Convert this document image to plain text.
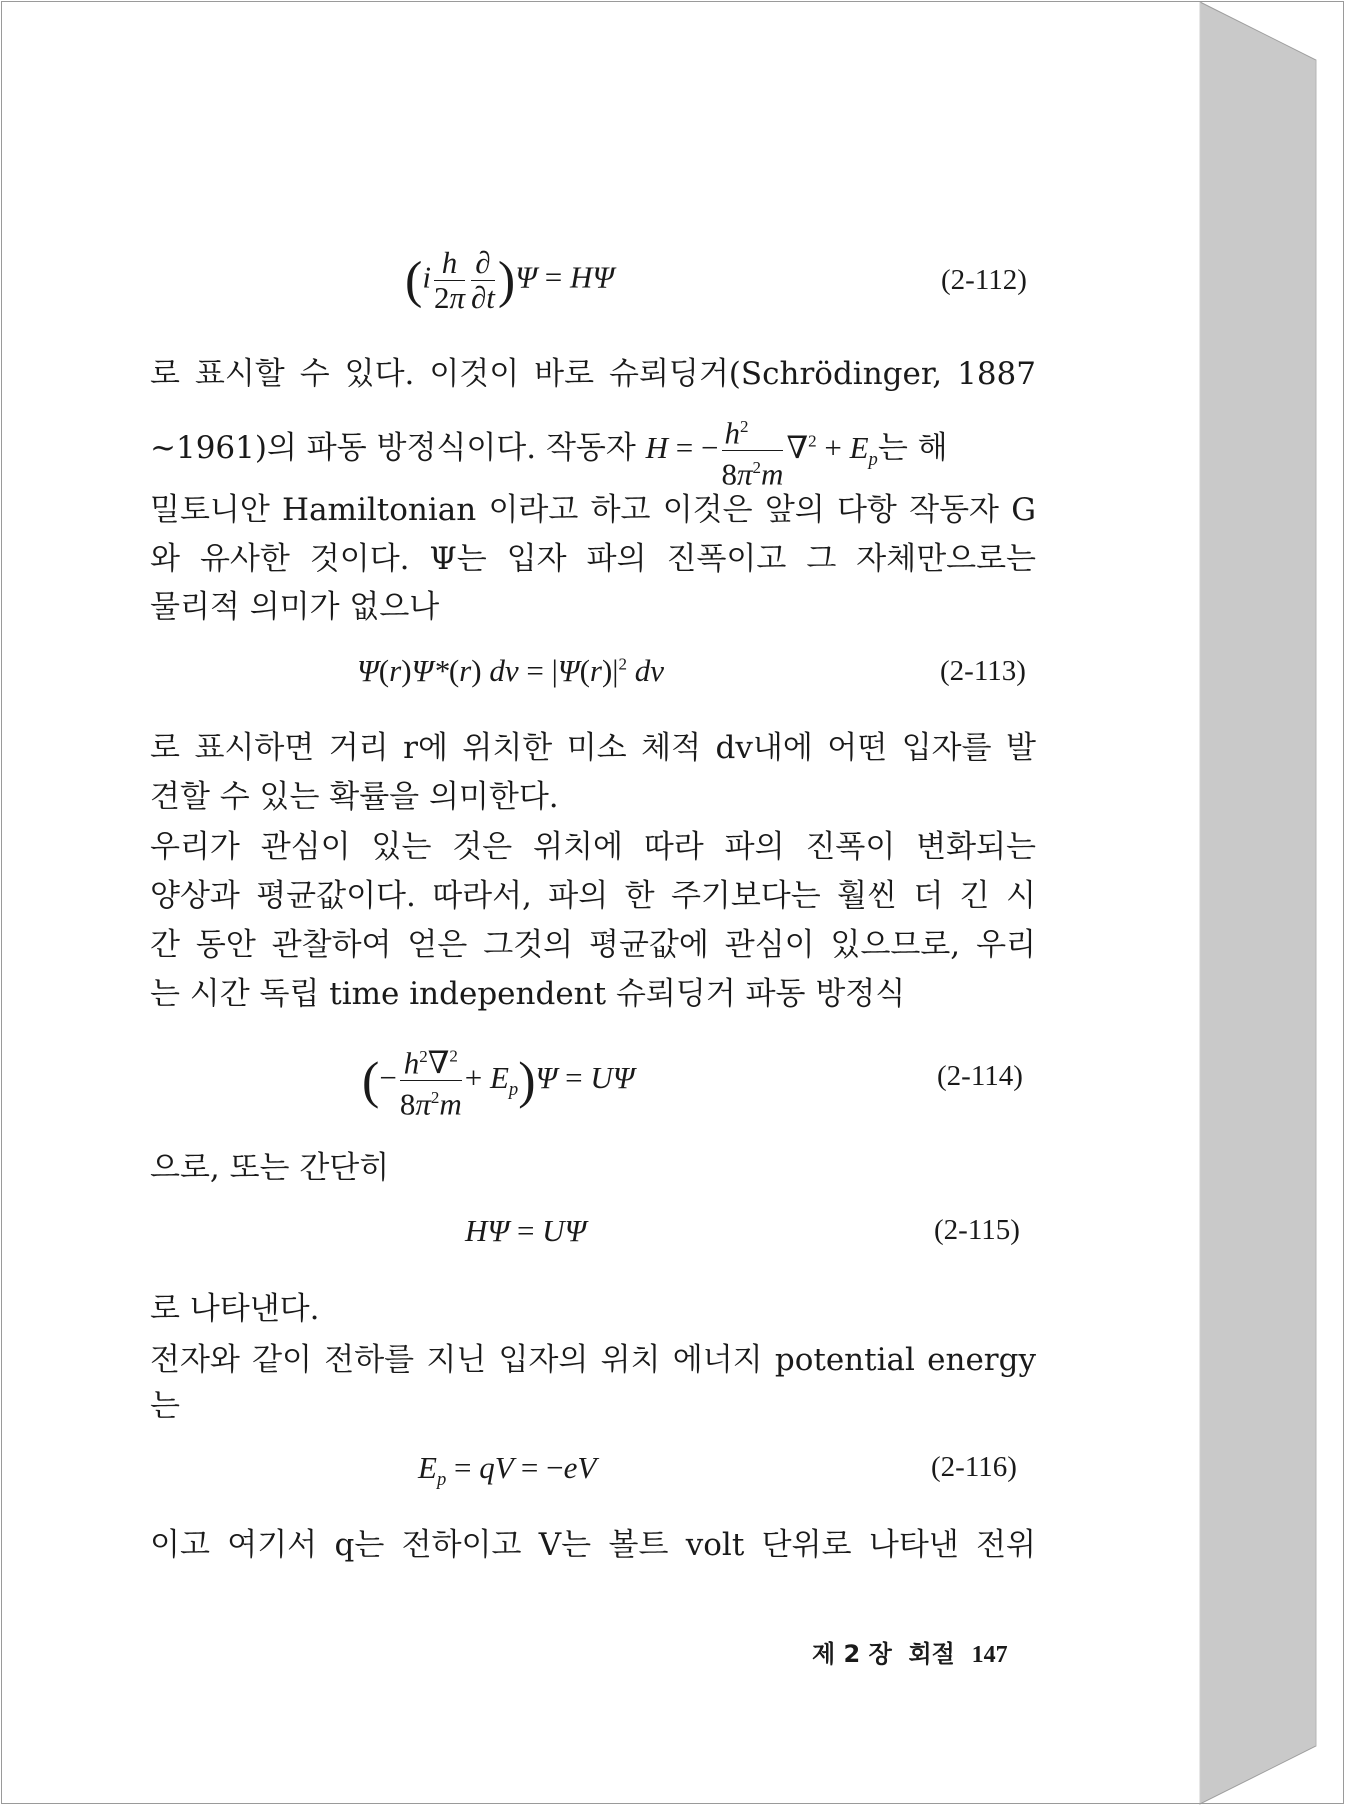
$(i \frac{h}{2\pi} \frac{\partial}{\partial t} )\Psi = H\Psi$	(2-112)
로 표시할 수 있다. 이것이 바로 슈뢰딩거(Schrödinger, 1887
~1961)의 파동 방정식이다. 작동자 H = − $\frac{h^2}{8\pi^2m} \nabla^2 + E_p$는 해
밀토니안 Hamiltonian 이라고 하고 이것은 앞의 다항 작동자 G
와 유사한 것이다. Ψ는 입자 파의 진폭이고 그 자체만으로는
물리적 의미가 없으나
Ψ(r)Ψ*(r) dv = $|\Psi(r)|^2$ dv	(2-113)
로 표시하면 거리 r에 위치한 미소 체적 dv내에 어떤 입자를 발
견할 수 있는 확률을 의미한다.
우리가 관심이 있는 것은 위치에 따라 파의 진폭이 변화되는
양상과 평균값이다. 따라서, 파의 한 주기보다는 훨씬 더 긴 시
간 동안 관찰하여 얻은 그것의 평균값에 관심이 있으므로, 우리
는 시간 독립 time independent 슈뢰딩거 파동 방정식
(− $\frac{h^2\nabla^2}{8\pi^2m} + E_p)\Psi = U\Psi$	(2-114)
으로, 또는 간단히
HΨ = UΨ	(2-115)
로 나타낸다.
전자와 같이 전하를 지닌 입자의 위치 에너지 potential energy
는
$E_p$ = qV = −eV	(2-116)
이고 여기서 q는 전하이고 V는 볼트 volt 단위로 나타낸 전위
제 2 장 회절 147
